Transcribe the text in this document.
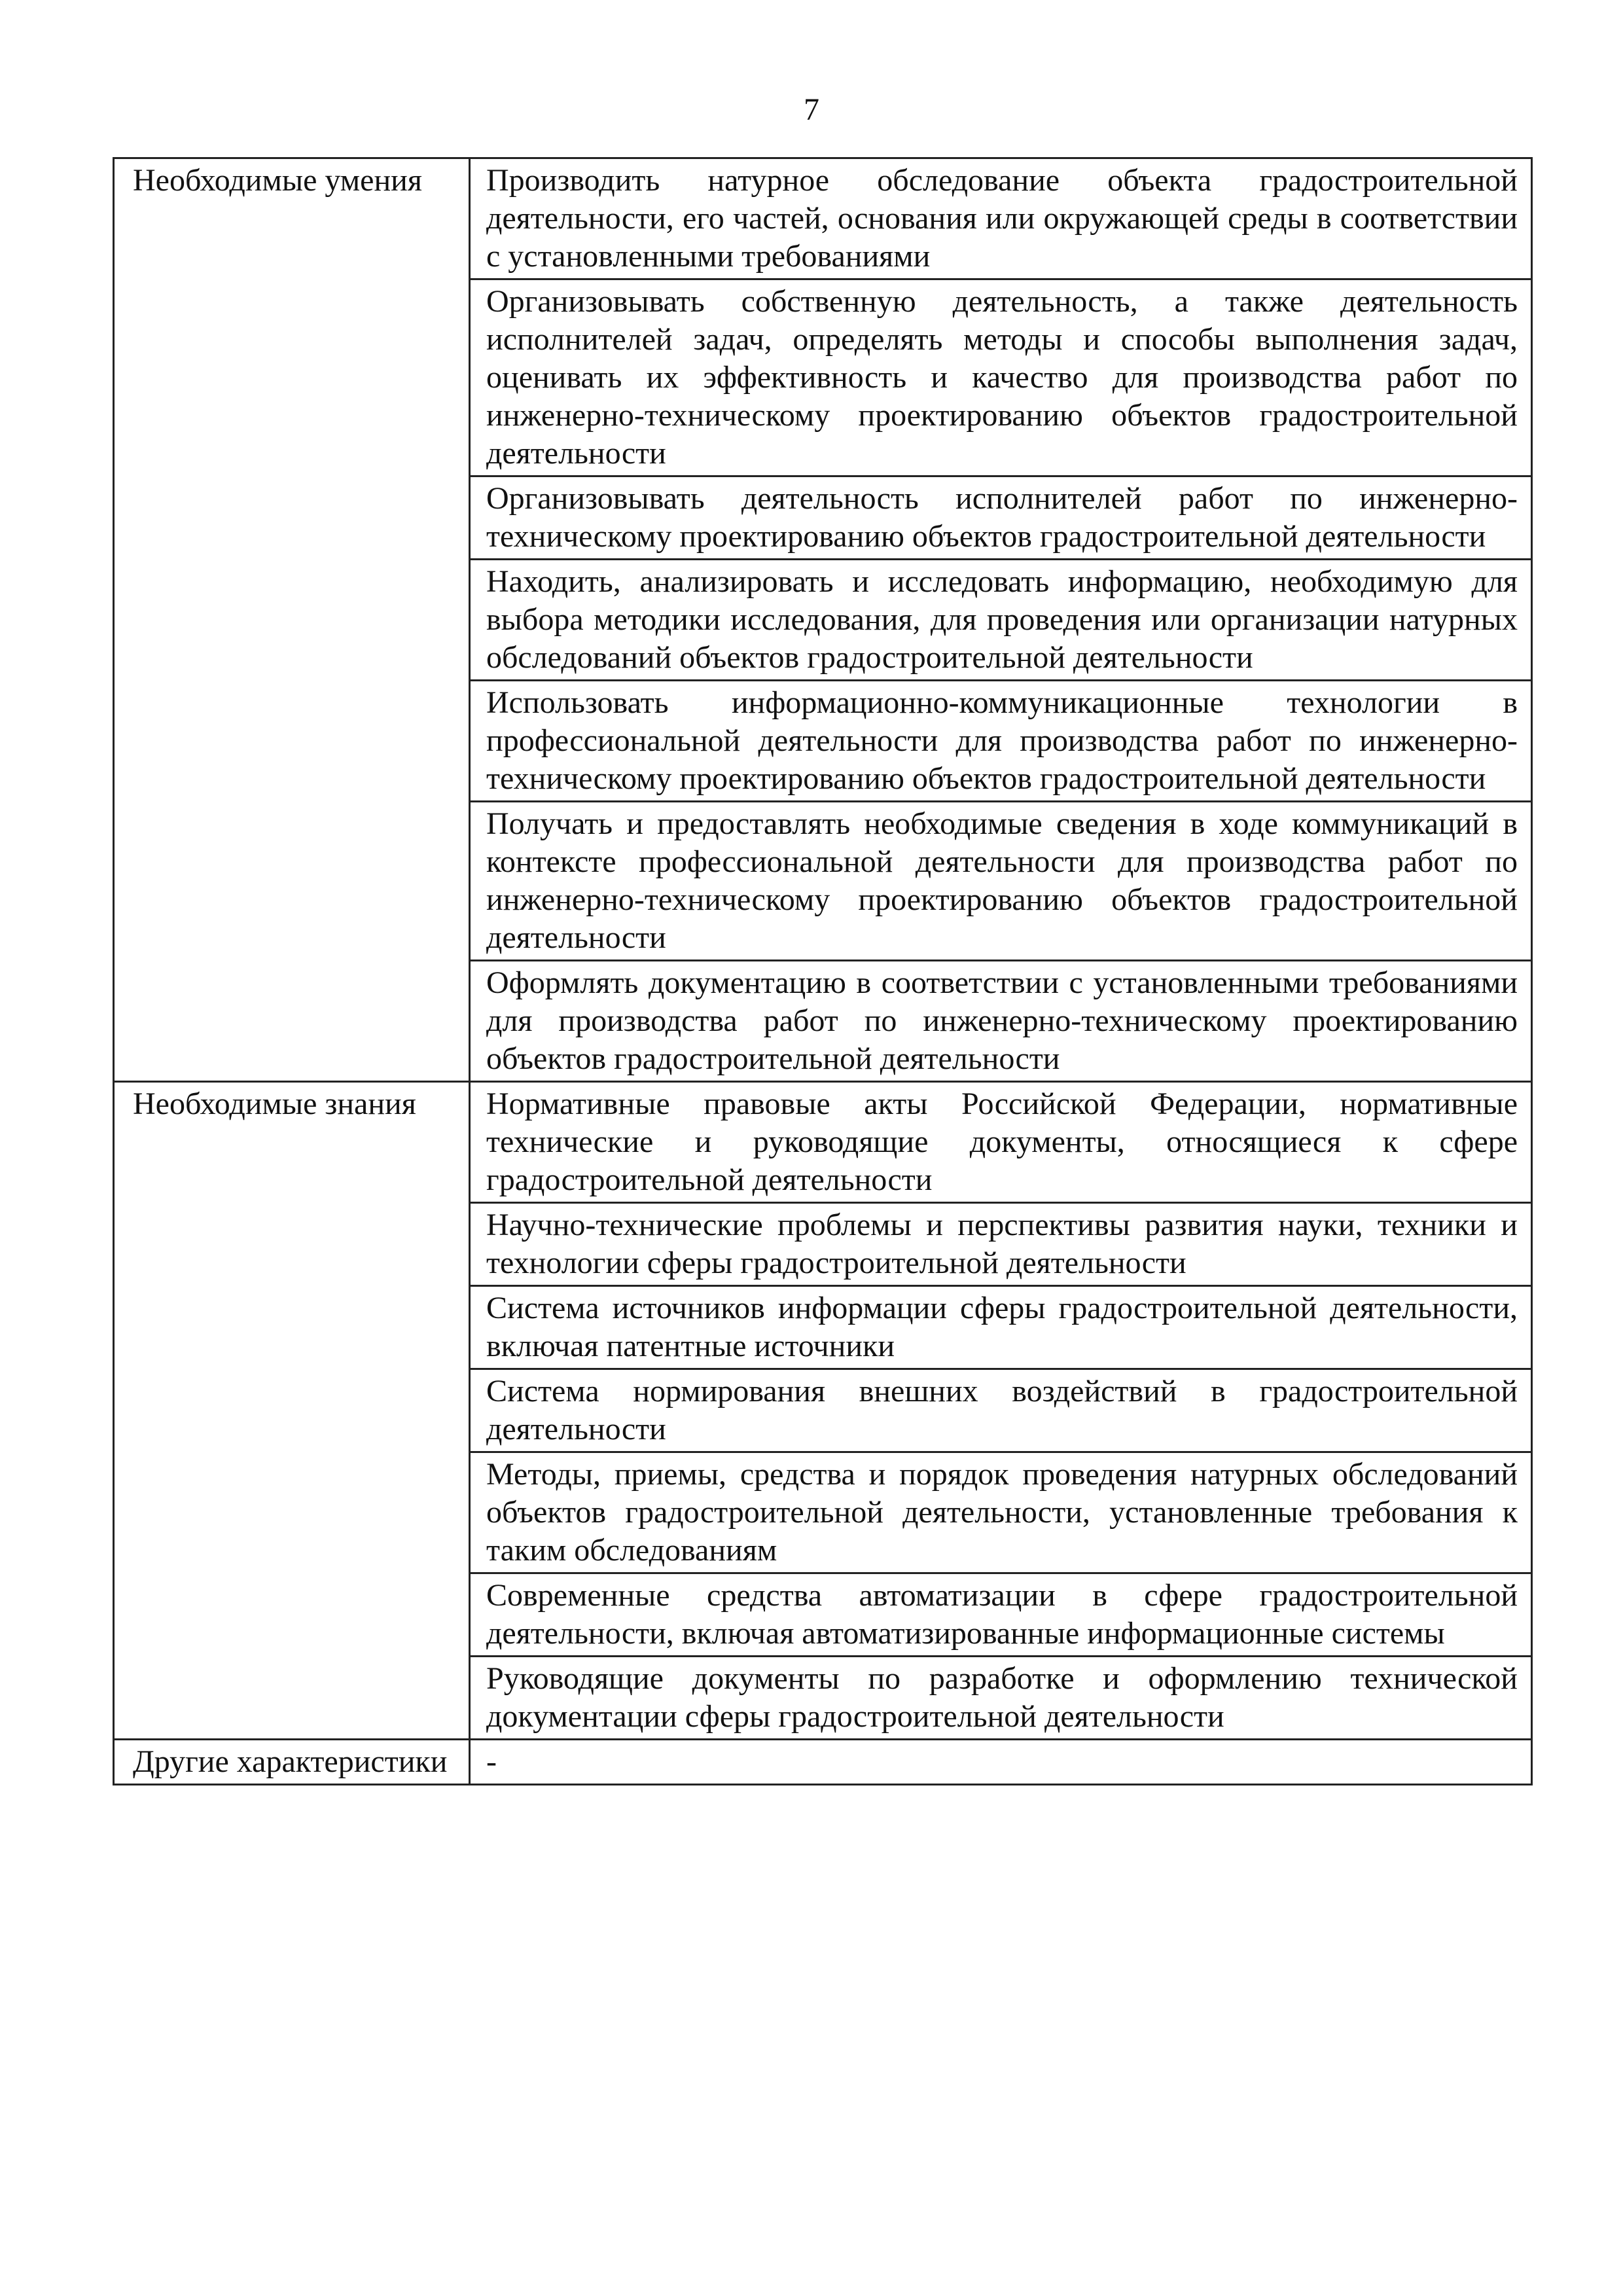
7
Необходимые умения	Производить натурное обследование объекта градостроительной деятельности, его частей, основания или окружающей среды в соответствии с установленными требованиями
	Организовывать собственную деятельность, а также деятельность исполнителей задач, определять методы и способы выполнения задач, оценивать их эффективность и качество для производства работ по инженерно-техническому проектированию объектов градостроительной деятельности
	Организовывать деятельность исполнителей работ по инженерно-техническому проектированию объектов градостроительной деятельности
	Находить, анализировать и исследовать информацию, необходимую для выбора методики исследования, для проведения или организации натурных обследований объектов градостроительной деятельности
	Использовать информационно-коммуникационные технологии в профессиональной деятельности для производства работ по инженерно-техническому проектированию объектов градостроительной деятельности
	Получать и предоставлять необходимые сведения в ходе коммуникаций в контексте профессиональной деятельности для производства работ по инженерно-техническому проектированию объектов градостроительной деятельности
	Оформлять документацию в соответствии с установленными требованиями для производства работ по инженерно-техническому проектированию объектов градостроительной деятельности
Необходимые знания	Нормативные правовые акты Российской Федерации, нормативные технические и руководящие документы, относящиеся к сфере градостроительной деятельности
	Научно-технические проблемы и перспективы развития науки, техники и технологии сферы градостроительной деятельности
	Система источников информации сферы градостроительной деятельности, включая патентные источники
	Система нормирования внешних воздействий в градостроительной деятельности
	Методы, приемы, средства и порядок проведения натурных обследований объектов градостроительной деятельности, установленные требования к таким обследованиям
	Современные средства автоматизации в сфере градостроительной деятельности, включая автоматизированные информационные системы
	Руководящие документы по разработке и оформлению технической документации сферы градостроительной деятельности
Другие характеристики	-
